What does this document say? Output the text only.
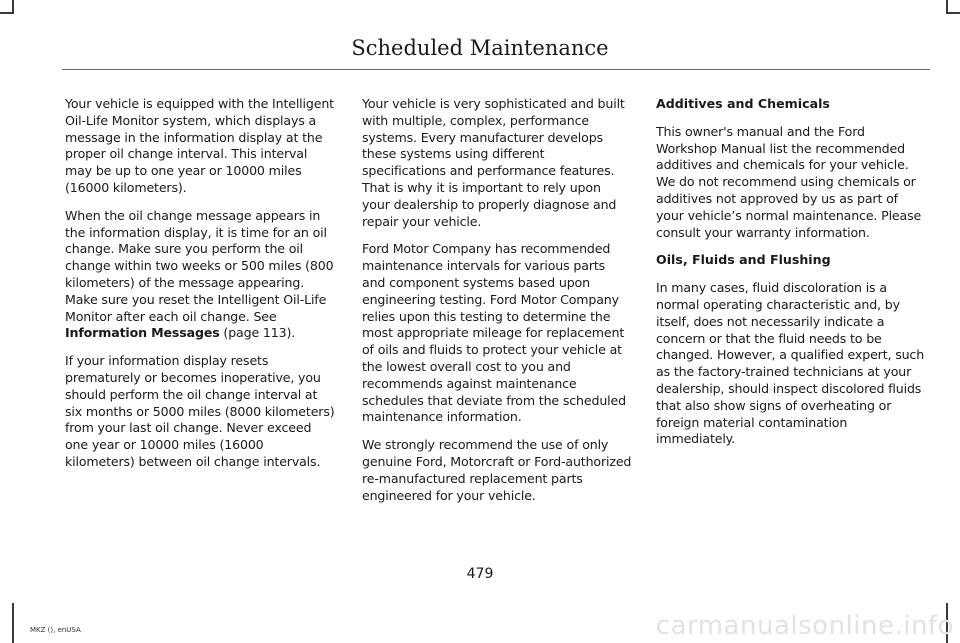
Scheduled Maintenance

Your vehicle is equipped with the Intelligent Oil-Life Monitor system, which displays a message in the information display at the proper oil change interval. This interval may be up to one year or 10000 miles (16000 kilometers).

When the oil change message appears in the information display, it is time for an oil change. Make sure you perform the oil change within two weeks or 500 miles (800 kilometers) of the message appearing. Make sure you reset the Intelligent Oil-Life Monitor after each oil change. See Information Messages (page 113).

If your information display resets prematurely or becomes inoperative, you should perform the oil change interval at six months or 5000 miles (8000 kilometers) from your last oil change. Never exceed one year or 10000 miles (16000 kilometers) between oil change intervals.

Your vehicle is very sophisticated and built with multiple, complex, performance systems. Every manufacturer develops these systems using different specifications and performance features. That is why it is important to rely upon your dealership to properly diagnose and repair your vehicle.

Ford Motor Company has recommended maintenance intervals for various parts and component systems based upon engineering testing. Ford Motor Company relies upon this testing to determine the most appropriate mileage for replacement of oils and fluids to protect your vehicle at the lowest overall cost to you and recommends against maintenance schedules that deviate from the scheduled maintenance information.

We strongly recommend the use of only genuine Ford, Motorcraft or Ford-authorized re-manufactured replacement parts engineered for your vehicle.

Additives and Chemicals

This owner's manual and the Ford Workshop Manual list the recommended additives and chemicals for your vehicle. We do not recommend using chemicals or additives not approved by us as part of your vehicle’s normal maintenance. Please consult your warranty information.

Oils, Fluids and Flushing

In many cases, fluid discoloration is a normal operating characteristic and, by itself, does not necessarily indicate a concern or that the fluid needs to be changed. However, a qualified expert, such as the factory-trained technicians at your dealership, should inspect discolored fluids that also show signs of overheating or foreign material contamination immediately.

479
MKZ (), enUSA	carmanualsonline.info
